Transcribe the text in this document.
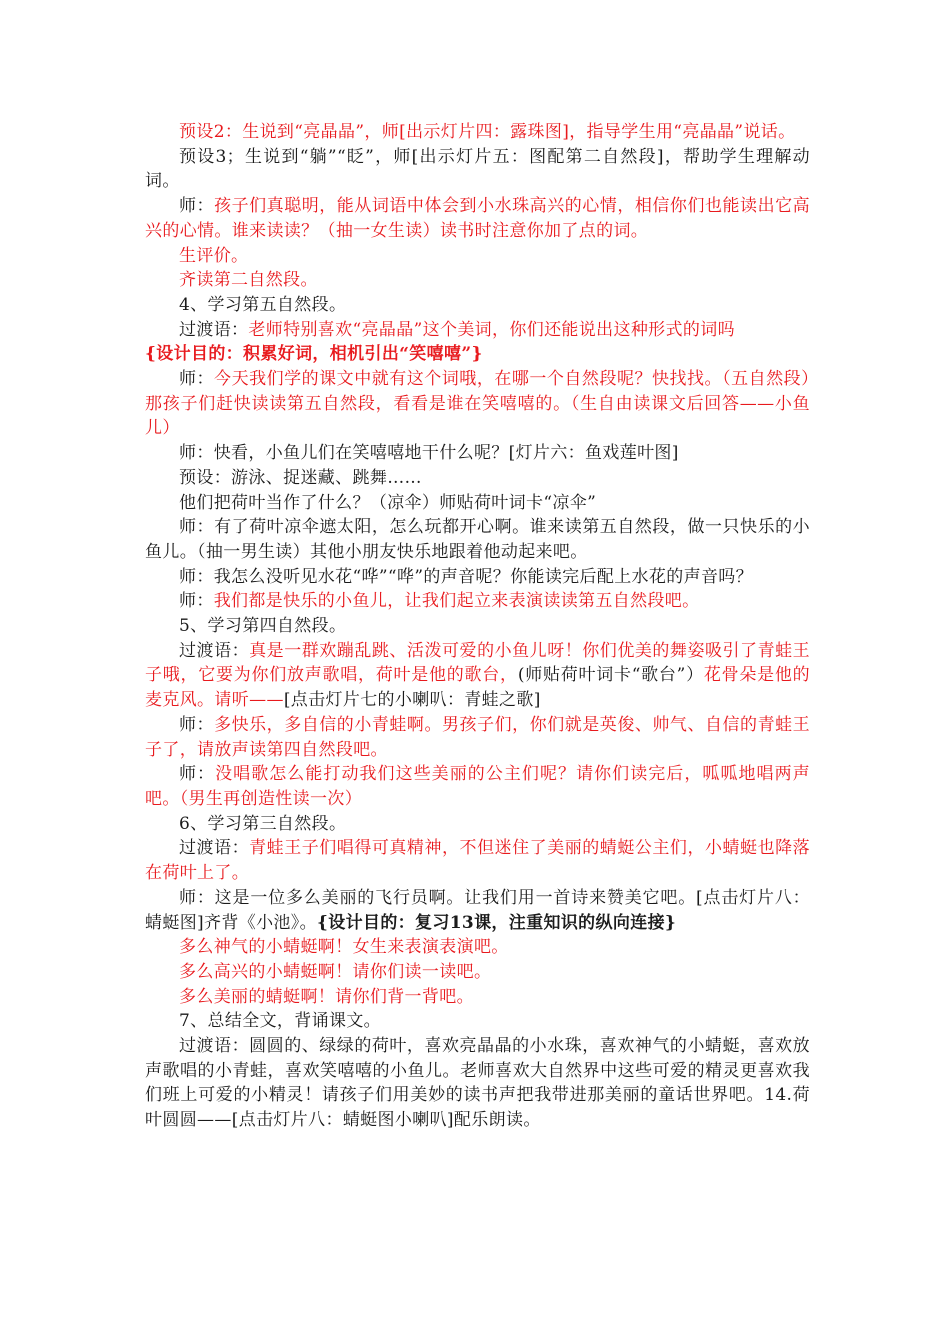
预设2：生说到“亮晶晶”，师[出示灯片四：露珠图]，指导学生用“亮晶晶”说话。

预设3；生说到“躺”“眨”，师[出示灯片五：图配第二自然段]，帮助学生理解动词。

师：孩子们真聪明，能从词语中体会到小水珠高兴的心情，相信你们也能读出它高兴的心情。谁来读读？（抽一女生读）读书时注意你加了点的词。

生评价。

齐读第二自然段。

4、学习第五自然段。

过渡语：老师特别喜欢“亮晶晶”这个美词，你们还能说出这种形式的词吗

{设计目的：积累好词，相机引出“笑嘻嘻”}

师：今天我们学的课文中就有这个词哦，在哪一个自然段呢？快找找。（五自然段）那孩子们赶快读读第五自然段，看看是谁在笑嘻嘻的。（生自由读课文后回答——小鱼儿）

师：快看，小鱼儿们在笑嘻嘻地干什么呢？[灯片六：鱼戏莲叶图]

预设：游泳、捉迷藏、跳舞……

他们把荷叶当作了什么？（凉伞）师贴荷叶词卡“凉伞”

师：有了荷叶凉伞遮太阳，怎么玩都开心啊。谁来读第五自然段，做一只快乐的小鱼儿。（抽一男生读）其他小朋友快乐地跟着他动起来吧。

师：我怎么没听见水花“哗”“哗”的声音呢？你能读完后配上水花的声音吗？

师：我们都是快乐的小鱼儿，让我们起立来表演读读第五自然段吧。

5、学习第四自然段。

过渡语：真是一群欢蹦乱跳、活泼可爱的小鱼儿呀！你们优美的舞姿吸引了青蛙王子哦，它要为你们放声歌唱，荷叶是他的歌台，(师贴荷叶词卡“歌台”）花骨朵是他的麦克风。请听——[点击灯片七的小喇叭：青蛙之歌]

师：多快乐，多自信的小青蛙啊。男孩子们，你们就是英俊、帅气、自信的青蛙王子了，请放声读第四自然段吧。

师：没唱歌怎么能打动我们这些美丽的公主们呢？请你们读完后，呱呱地唱两声吧。（男生再创造性读一次）

6、学习第三自然段。

过渡语：青蛙王子们唱得可真精神，不但迷住了美丽的蜻蜓公主们，小蜻蜓也降落在荷叶上了。

师：这是一位多么美丽的飞行员啊。让我们用一首诗来赞美它吧。[点击灯片八：蜻蜓图]齐背《小池》。{设计目的：复习13课，注重知识的纵向连接}

多么神气的小蜻蜓啊！女生来表演表演吧。

多么高兴的小蜻蜓啊！请你们读一读吧。

多么美丽的蜻蜓啊！请你们背一背吧。

7、总结全文，背诵课文。

过渡语：圆圆的、绿绿的荷叶，喜欢亮晶晶的小水珠，喜欢神气的小蜻蜓，喜欢放声歌唱的小青蛙，喜欢笑嘻嘻的小鱼儿。老师喜欢大自然界中这些可爱的精灵更喜欢我们班上可爱的小精灵！请孩子们用美妙的读书声把我带进那美丽的童话世界吧。14.荷叶圆圆——[点击灯片八：蜻蜓图小喇叭]配乐朗读。
